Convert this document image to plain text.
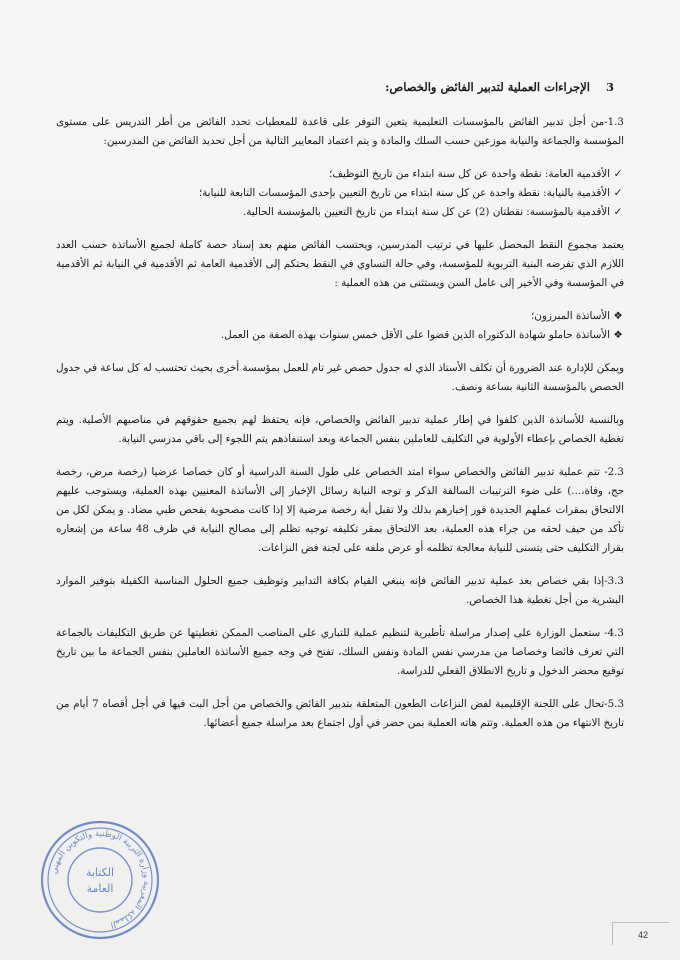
3 الإجراءات العملية لتدبير الفائض والخصاص:

1.3-من أجل تدبير الفائض بالمؤسسات التعليمية يتعين التوفر على قاعدة للمعطيات تحدد الفائض من أطر التدريس على مستوى المؤسسة والجماعة والنيابة موزعين حسب السلك والمادة و يتم اعتماد المعايير التالية من أجل تحديد الفائض من المدرسين:

✓
الأقدمية العامة: نقطة واحدة عن كل سنة ابتداء من تاريخ التوظيف؛
✓
الأقدمية بالنيابة: نقطة واحدة عن كل سنة ابتداء من تاريخ التعيين بإحدى المؤسسات التابعة للنيابة؛
✓
الأقدمية بالمؤسسة: نقطتان (2) عن كل سنة ابتداء من تاريخ التعيين بالمؤسسة الحالية.

يعتمد مجموع النقط المحصل عليها في ترتيب المدرسين، ويحتسب الفائض منهم بعد إسناد حصة كاملة لجميع الأساتذة حسب العدد اللازم الذي تفرضه البنية التربوية للمؤسسة، وفي حالة التساوي في النقط يحتكم إلى الأقدمية العامة ثم الأقدمية في النيابة ثم الأقدمية في المؤسسة وفي الأخير إلى عامل السن ويستثنى من هذه العملية :

❖
الأساتذة المبرزون؛
❖
الأساتذة حاملو شهادة الدكتوراه الذين قضوا على الأقل خمس سنوات بهذه الصفة من العمل.

ويمكن للإدارة عند الضرورة أن تكلف الأستاذ الذي له جدول حصص غير تام للعمل بمؤسسة أخرى بحيث تحتسب له كل ساعة في جدول الحصص بالمؤسسة الثانية بساعة ونصف.

وبالنسبة للأساتذة الذين كلفوا في إطار عملية تدبير الفائض والخصاص، فإنه يحتفظ لهم بجميع حقوقهم في مناصبهم الأصلية. ويتم تغطية الخصاص بإعطاء الأولوية في التكليف للعاملين بنفس الجماعة وبعد استنفاذهم يتم اللجوء إلى باقي مدرسي النيابة.

2.3- تتم عملية تدبير الفائض والخصاص سواء امتد الخصاص على طول السنة الدراسية أو كان خصاصا عرضيا (رخصة مرض، رخصة حج، وفاة،...) على ضوء الترتيبات السالفة الذكر و توجه النيابة رسائل الإخبار إلى الأساتذة المعنيين بهذه العملية، ويستوجب عليهم الالتحاق بمقرات عملهم الجديدة فور إخبارهم بذلك ولا تقبل أية رخصة مرضية إلا إذا كانت مصحوبة بفحص طبي مضاد. و يمكن لكل من تأكد من حيف لحقه من جراء هذه العملية، بعد الالتحاق بمقر تكليفه توجيه تظلم إلى مصالح النيابة في ظرف 48 ساعة من إشعاره بقرار التكليف حتى يتسنى للنيابة معالجة تظلمه أو عرض ملفه على لجنة فض النزاعات.

3.3-إذا بقي خصاص بعد عملية تدبير الفائض فإنه ينبغي القيام بكافة التدابير وتوظيف جميع الحلول المناسبة الكفيلة بتوفير الموارد البشرية من أجل تغطية هذا الخصاص.

4.3- ستعمل الوزارة على إصدار مراسلة تأطيرية لتنظيم عملية للتباري على المناصب الممكن تغطيتها عن طريق التكليفات بالجماعة التي تعرف فائضا وخصاصا من مدرسي نفس المادة ونفس السلك، تفتح في وجه جميع الأساتذة العاملين بنفس الجماعة ما بين تاريخ توقيع محضر الدخول و تاريخ الانطلاق الفعلي للدراسة.

5.3-تحال على اللجنة الإقليمية لفض النزاعات الطعون المتعلقة بتدبير الفائض والخصاص من أجل البت فيها في أجل أقصاه 7 أيام من تاريخ الانتهاء من هذه العملية. وتتم هاته العملية بمن حضر في أول اجتماع بعد مراسلة جميع أعضائها.

المملكة المغربية وزارة التربية الوطنية والتكوين المهني
الكتابة
العامة
42
